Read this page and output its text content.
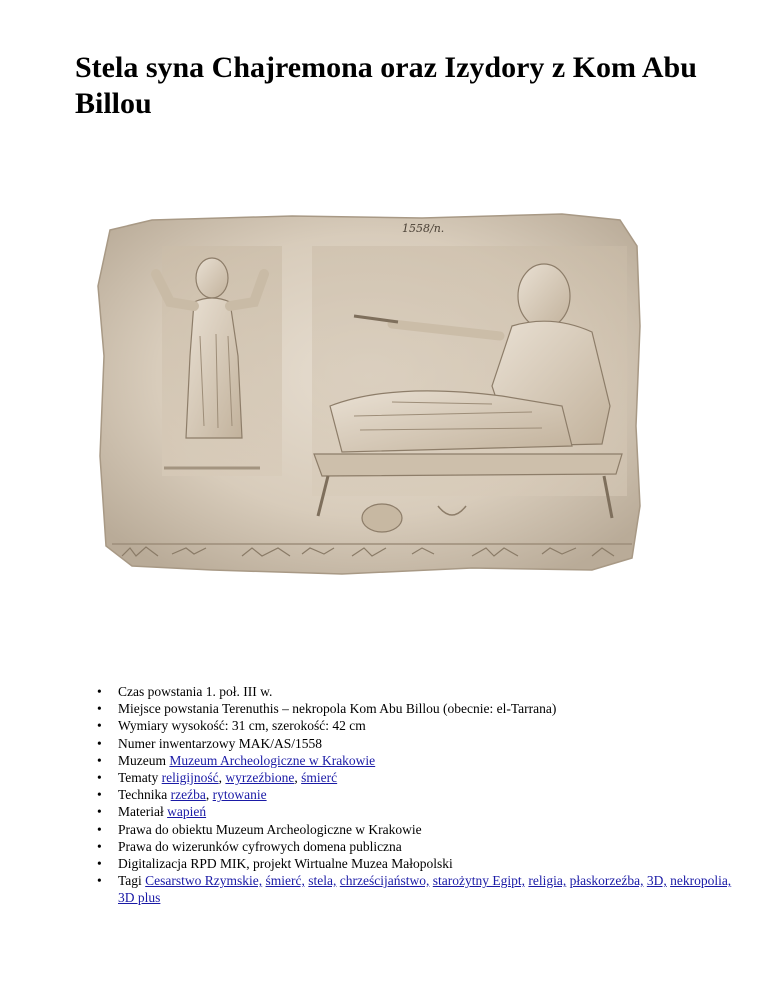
Stela syna Chajremona oraz Izydory z Kom Abu Billou
1558/n.
•	Czas powstania 1. poł. III w.
•	Miejsce powstania Terenuthis – nekropola Kom Abu Billou (obecnie: el-Tarrana)
•	Wymiary wysokość: 31 cm, szerokość: 42 cm
•	Numer inwentarzowy MAK/AS/1558
•	Muzeum Muzeum Archeologiczne w Krakowie
•	Tematy religijność, wyrzeźbione, śmierć
•	Technika rzeźba, rytowanie
•	Materiał wapień
•	Prawa do obiektu Muzeum Archeologiczne w Krakowie
•	Prawa do wizerunków cyfrowych domena publiczna
•	Digitalizacja RPD MIK, projekt Wirtualne Muzea Małopolski
•	Tagi Cesarstwo Rzymskie, śmierć, stela, chrześcijaństwo, starożytny Egipt, religia, płaskorzeźba, 3D, nekropolia, 3D plus
